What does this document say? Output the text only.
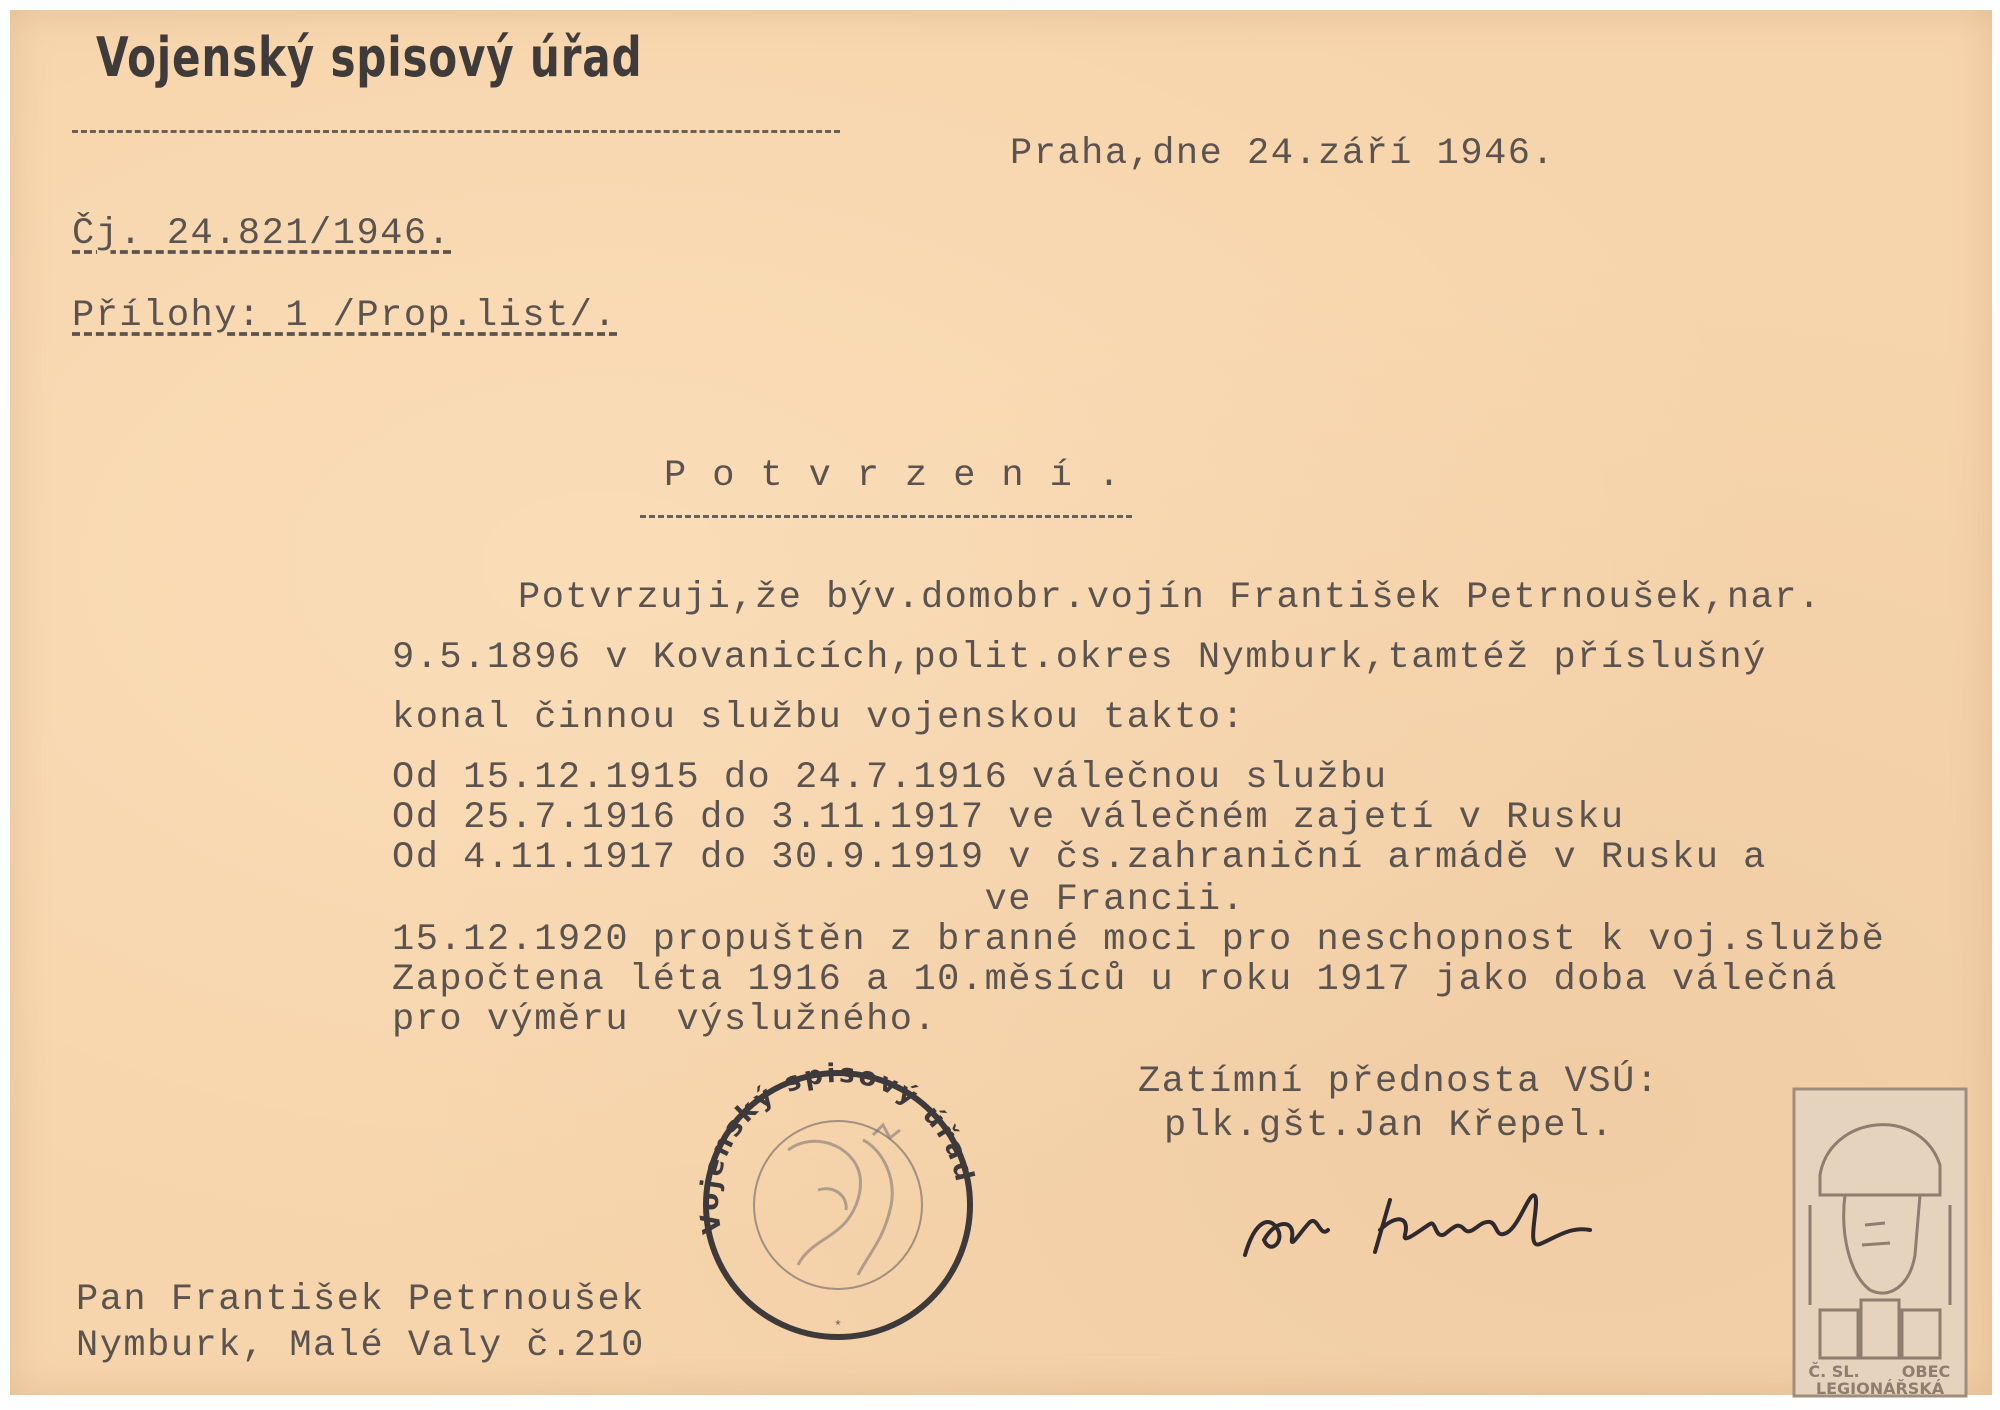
Vojenský spisový úřad
Praha,dne 24.září 1946.
Čj. 24.821/1946.
Přílohy: 1 /Prop.list/.
Potvrzení.
Potvrzuji,že býv.domobr.vojín František Petrnoušek,nar.
9.5.1896 v Kovanicích,polit.okres Nymburk,tamtéž příslušný
konal činnou službu vojenskou takto:
Od 15.12.1915 do 24.7.1916 válečnou službu
Od 25.7.1916 do 3.11.1917 ve válečném zajetí v Rusku
Od 4.11.1917 do 30.9.1919 v čs.zahraniční armádě v Rusku a
ve Francii.
15.12.1920 propuštěn z branné moci pro neschopnost k voj.službě
Započtena léta 1916 a 10.měsíců u roku 1917 jako doba válečná
pro výměru  výslužného.
Zatímní přednosta VSÚ:
plk.gšt.Jan Křepel.
Vojenský spisový úřad
*
Pan František Petrnoušek
Nymburk, Malé Valy č.210
Č. SL.	OBEC
LEGIONÁŘSKÁ
